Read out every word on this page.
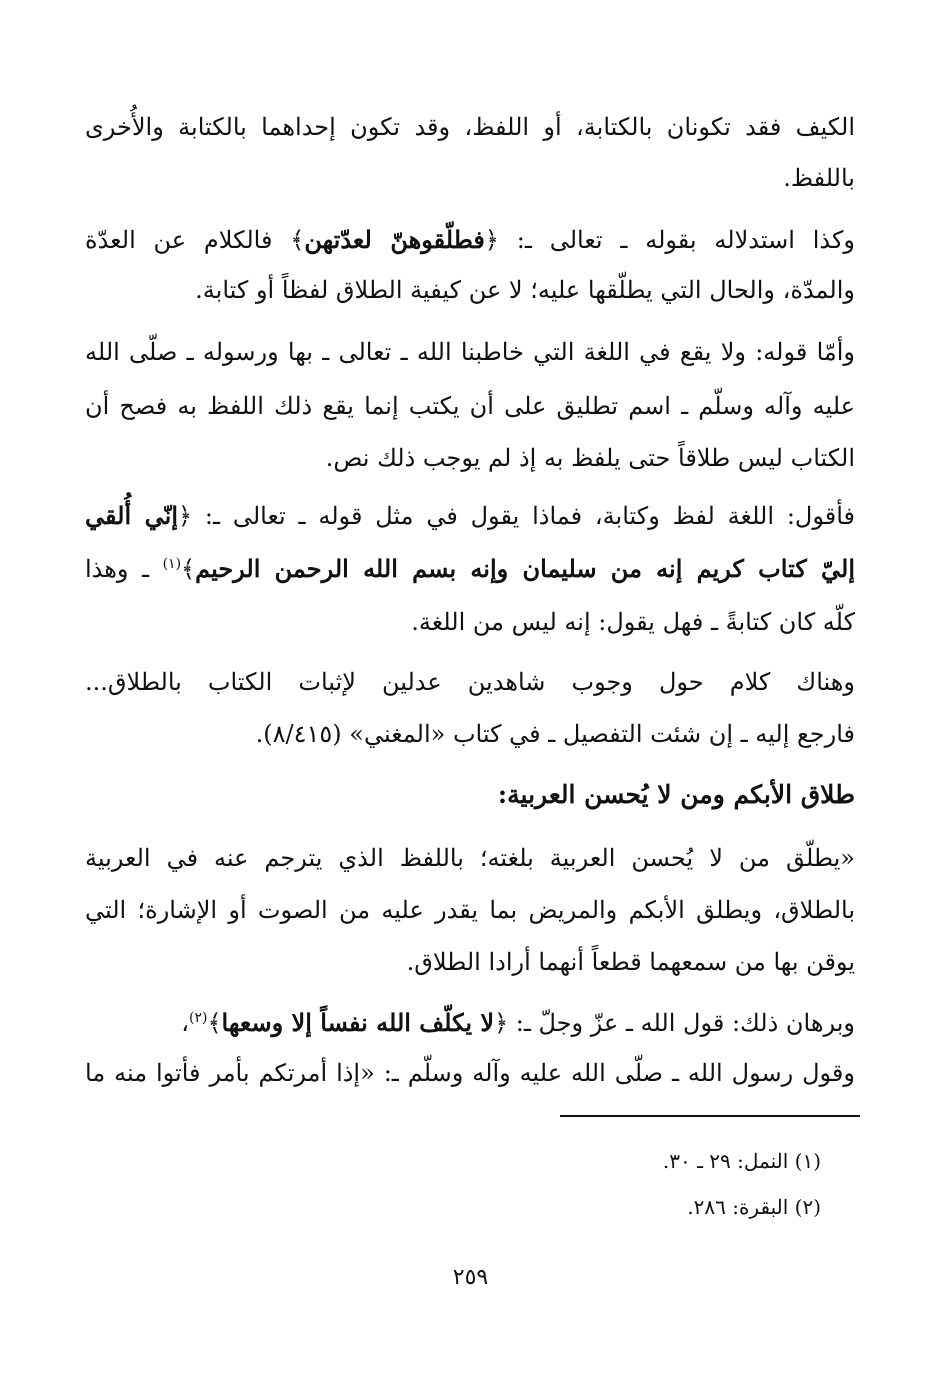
الكيف فقد تكونان بالكتابة، أو اللفظ، وقد تكون إحداهما بالكتابة والأُخرى
باللفظ.
وكذا استدلاله بقوله ـ تعالى ـ: ﴿فطلّقوهنّ لعدّتهن﴾ فالكلام عن العدّة
والمدّة، والحال التي يطلّقها عليه؛ لا عن كيفية الطلاق لفظاً أو كتابة.
وأمّا قوله: ولا يقع في اللغة التي خاطبنا الله ـ تعالى ـ بها ورسوله ـ صلّى الله
عليه وآله وسلّم ـ اسم تطليق على أن يكتب إنما يقع ذلك اللفظ به فصح أن
الكتاب ليس طلاقاً حتى يلفظ به إذ لم يوجب ذلك نص.
فأقول: اللغة لفظ وكتابة، فماذا يقول في مثل قوله ـ تعالى ـ: ﴿إنّي أُلقي
إليّ كتاب كريم إنه من سليمان وإنه بسم الله الرحمن الرحيم﴾$^{(١)}$ ـ وهذا
كلّه كان كتابةً ـ فهل يقول: إنه ليس من اللغة.
وهناك كلام حول وجوب شاهدين عدلين لإثبات الكتاب بالطلاق...
فارجع إليه ـ إن شئت التفصيل ـ في كتاب «المغني» (٨/٤١٥).
طلاق الأبكم ومن لا يُحسن العربية:
«يطلّق من لا يُحسن العربية بلغته؛ باللفظ الذي يترجم عنه في العربية
بالطلاق، ويطلق الأبكم والمريض بما يقدر عليه من الصوت أو الإشارة؛ التي
يوقن بها من سمعهما قطعاً أنهما أرادا الطلاق.
وبرهان ذلك: قول الله ـ عزّ وجلّ ـ: ﴿لا يكلّف الله نفساً إلا وسعها﴾$^{(٢)}$،
وقول رسول الله ـ صلّى الله عليه وآله وسلّم ـ: «إذا أمرتكم بأمر فأتوا منه ما
(١) النمل: ٢٩ ـ ٣٠.
(٢) البقرة: ٢٨٦.
٢٥٩
